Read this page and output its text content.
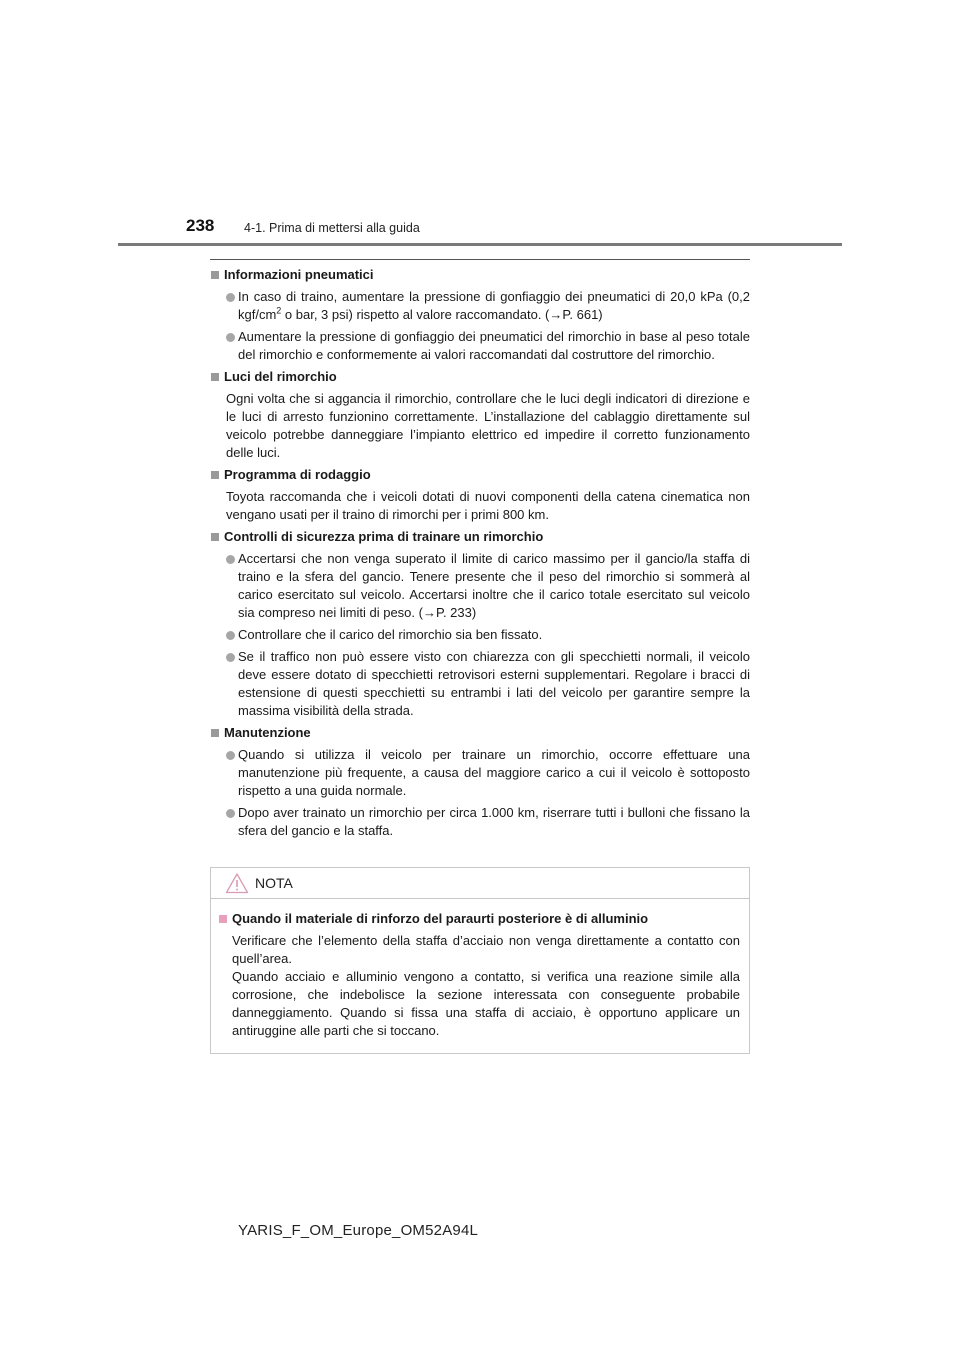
238 4-1. Prima di mettersi alla guida

Informazioni pneumatici

In caso di traino, aumentare la pressione di gonfiaggio dei pneumatici di 20,0 kPa (0,2 kgf/$cm^2$ o bar, 3 psi) rispetto al valore raccomandato. (→P. 661)

Aumentare la pressione di gonfiaggio dei pneumatici del rimorchio in base al peso totale del rimorchio e conformemente ai valori raccomandati dal costruttore del rimorchio.

Luci del rimorchio

Ogni volta che si aggancia il rimorchio, controllare che le luci degli indicatori di direzione e le luci di arresto funzionino correttamente. L’installazione del cablaggio direttamente sul veicolo potrebbe danneggiare l’impianto elettrico ed impedire il corretto funzionamento delle luci.

Programma di rodaggio

Toyota raccomanda che i veicoli dotati di nuovi componenti della catena cinematica non vengano usati per il traino di rimorchi per i primi 800 km.

Controlli di sicurezza prima di trainare un rimorchio

Accertarsi che non venga superato il limite di carico massimo per il gancio/la staffa di traino e la sfera del gancio. Tenere presente che il peso del rimorchio si sommerà al carico esercitato sul veicolo. Accertarsi inoltre che il carico totale esercitato sul veicolo sia compreso nei limiti di peso. (→P. 233)

Controllare che il carico del rimorchio sia ben fissato.

Se il traffico non può essere visto con chiarezza con gli specchietti normali, il veicolo deve essere dotato di specchietti retrovisori esterni supplementari. Regolare i bracci di estensione di questi specchietti su entrambi i lati del veicolo per garantire sempre la massima visibilità della strada.

Manutenzione

Quando si utilizza il veicolo per trainare un rimorchio, occorre effettuare una manutenzione più frequente, a causa del maggiore carico a cui il veicolo è sottoposto rispetto a una guida normale.

Dopo aver trainato un rimorchio per circa 1.000 km, riserrare tutti i bulloni che fissano la sfera del gancio e la staffa.

NOTA

Quando il materiale di rinforzo del paraurti posteriore è di alluminio

Verificare che l’elemento della staffa d’acciaio non venga direttamente a contatto con quell’area.

Quando acciaio e alluminio vengono a contatto, si verifica una reazione simile alla corrosione, che indebolisce la sezione interessata con conseguente probabile danneggiamento. Quando si fissa una staffa di acciaio, è opportuno applicare un antiruggine alle parti che si toccano.

YARIS_F_OM_Europe_OM52A94L
